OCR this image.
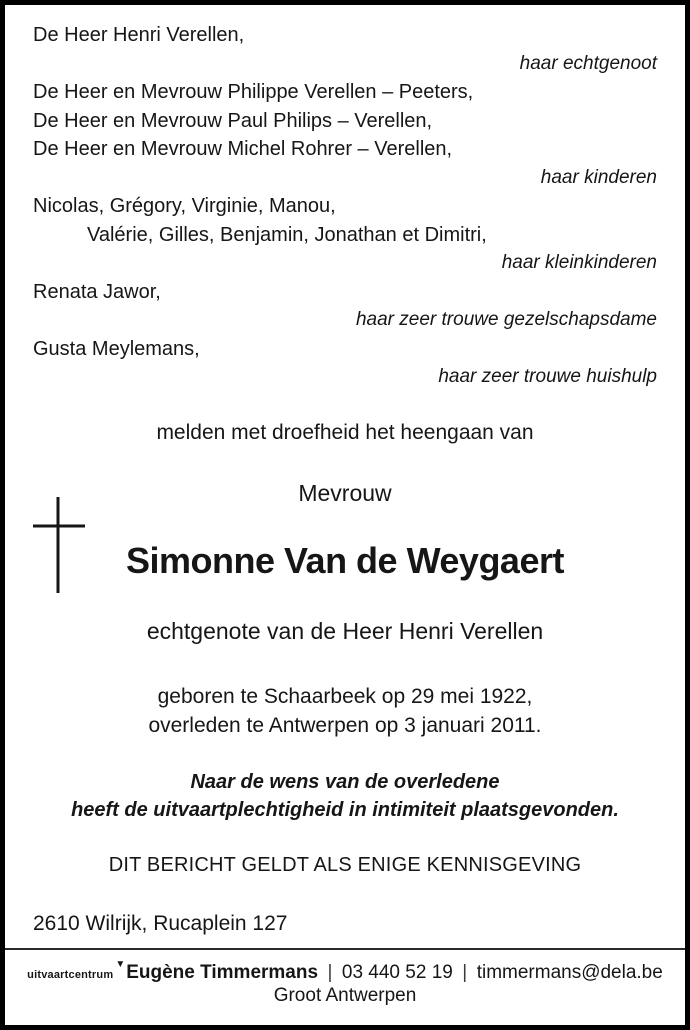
De Heer Henri Verellen,
haar echtgenoot
De Heer en Mevrouw Philippe Verellen – Peeters,
De Heer en Mevrouw Paul Philips – Verellen,
De Heer en Mevrouw Michel Rohrer – Verellen,
haar kinderen
Nicolas, Grégory, Virginie, Manou,
Valérie, Gilles, Benjamin, Jonathan et Dimitri,
haar kleinkinderen
Renata Jawor,
haar zeer trouwe gezelschapsdame
Gusta Meylemans,
haar zeer trouwe huishulp
melden met droefheid het heengaan van
Mevrouw
Simonne Van de Weygaert
echtgenote van de Heer Henri Verellen
geboren te Schaarbeek op 29 mei 1922,
overleden te Antwerpen op 3 januari 2011.
Naar de wens van de overledene
heeft de uitvaartplechtigheid in intimiteit plaatsgevonden.
DIT BERICHT GELDT ALS ENIGE KENNISGEVING
2610 Wilrijk, Rucaplein 127
uitvaartcentrum▼Eugène Timmermans | 03 440 52 19 | timmermans@dela.be
Groot Antwerpen
